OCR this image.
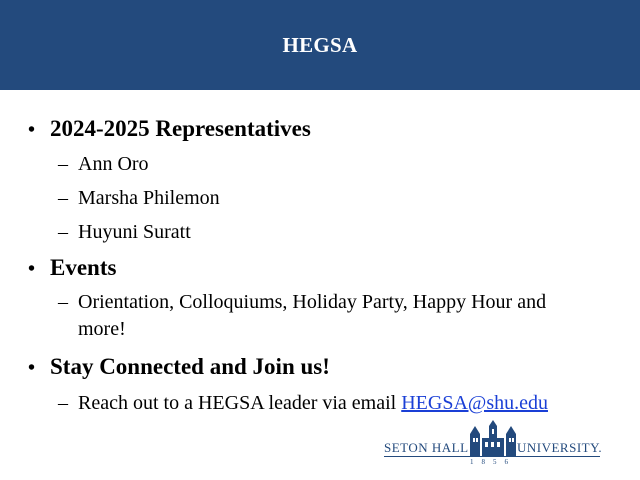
HEGSA
• 2024-2025 Representatives
– Ann Oro
– Marsha Philemon
– Huyuni Suratt
• Events
– Orientation, Colloquiums, Holiday Party, Happy Hour and
more!
• Stay Connected and Join us!
– Reach out to a HEGSA leader via email HEGSA@shu.edu
SETON HALL	UNIVERSITY.
1856
